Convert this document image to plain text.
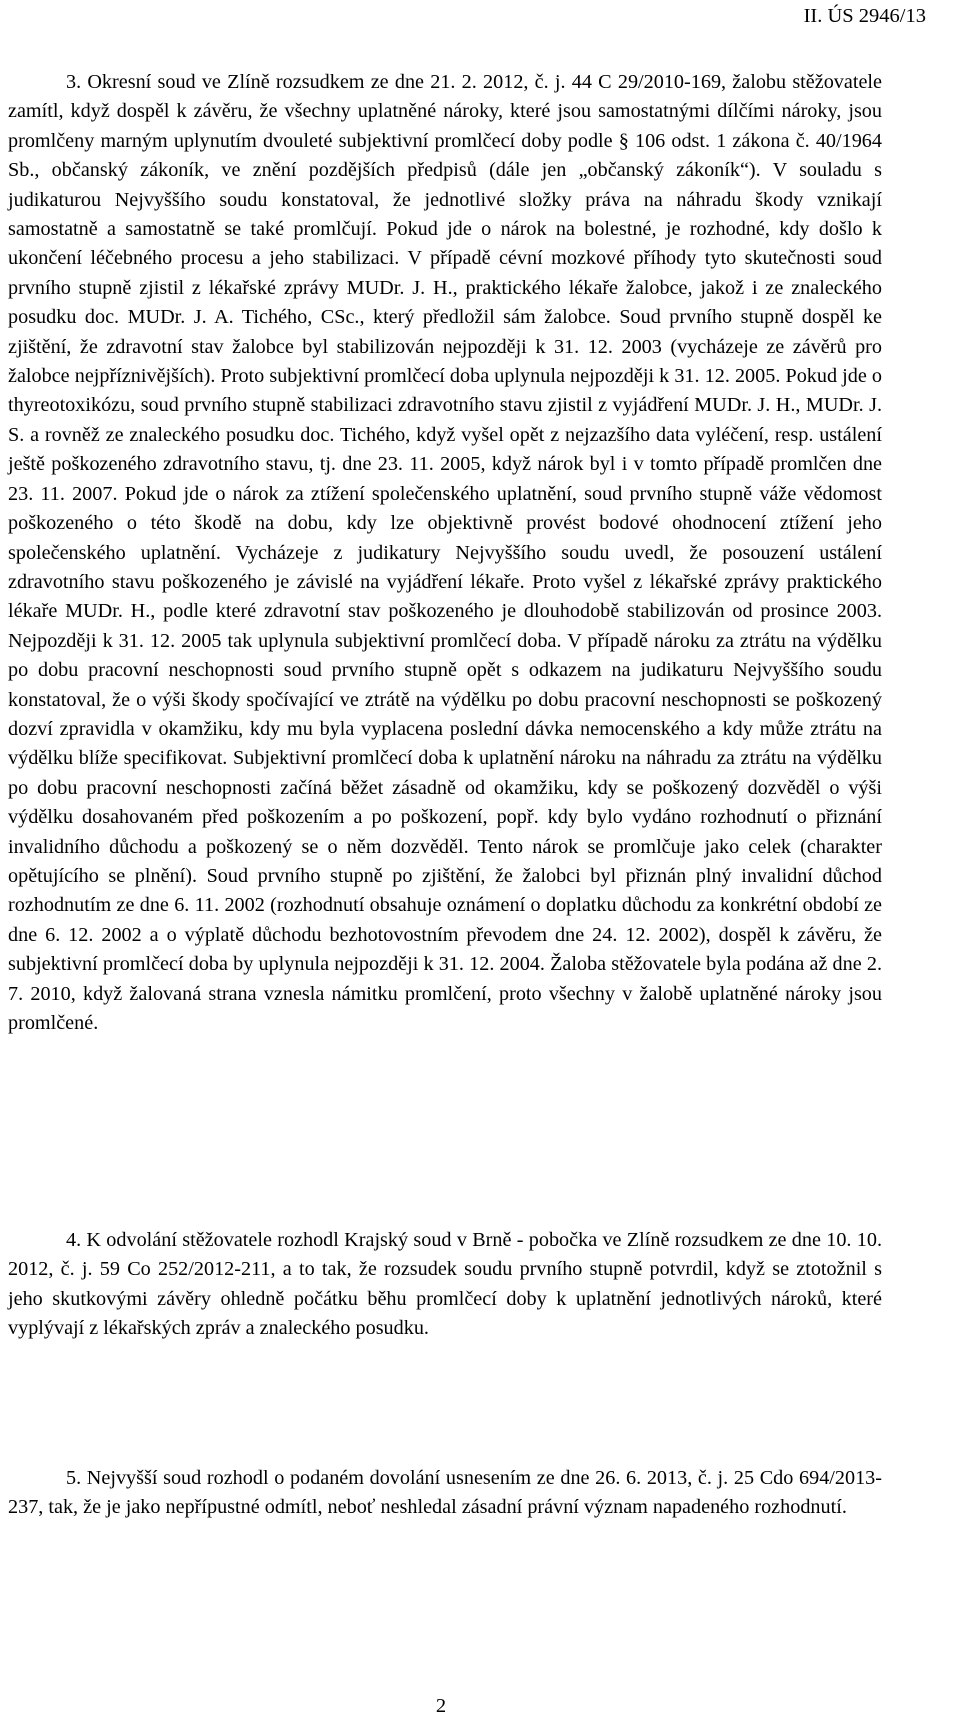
II. ÚS 2946/13

3. Okresní soud ve Zlíně rozsudkem ze dne 21. 2. 2012, č. j. 44 C 29/2010-169, žalobu stěžovatele zamítl, když dospěl k závěru, že všechny uplatněné nároky, které jsou samostatnými dílčími nároky, jsou promlčeny marným uplynutím dvouleté subjektivní promlčecí doby podle § 106 odst. 1 zákona č. 40/1964 Sb., občanský zákoník, ve znění pozdějších předpisů (dále jen „občanský zákoník“). V souladu s judikaturou Nejvyššího soudu konstatoval, že jednotlivé složky práva na náhradu škody vznikají samostatně a samostatně se také promlčují. Pokud jde o nárok na bolestné, je rozhodné, kdy došlo k ukončení léčebného procesu a jeho stabilizaci. V případě cévní mozkové příhody tyto skutečnosti soud prvního stupně zjistil z lékařské zprávy MUDr. J. H., praktického lékaře žalobce, jakož i ze znaleckého posudku doc. MUDr. J. A. Tichého, CSc., který předložil sám žalobce. Soud prvního stupně dospěl ke zjištění, že zdravotní stav žalobce byl stabilizován nejpozději k 31. 12. 2003 (vycházeje ze závěrů pro žalobce nejpříznivějších). Proto subjektivní promlčecí doba uplynula nejpozději k 31. 12. 2005. Pokud jde o thyreotoxikózu, soud prvního stupně stabilizaci zdravotního stavu zjistil z vyjádření MUDr. J. H., MUDr. J. S. a rovněž ze znaleckého posudku doc. Tichého, když vyšel opět z nejzazšího data vyléčení, resp. ustálení ještě poškozeného zdravotního stavu, tj. dne 23. 11. 2005, když nárok byl i v tomto případě promlčen dne 23. 11. 2007. Pokud jde o nárok za ztížení společenského uplatnění, soud prvního stupně váže vědomost poškozeného o této škodě na dobu, kdy lze objektivně provést bodové ohodnocení ztížení jeho společenského uplatnění. Vycházeje z judikatury Nejvyššího soudu uvedl, že posouzení ustálení zdravotního stavu poškozeného je závislé na vyjádření lékaře. Proto vyšel z lékařské zprávy praktického lékaře MUDr. H., podle které zdravotní stav poškozeného je dlouhodobě stabilizován od prosince 2003. Nejpozději k 31. 12. 2005 tak uplynula subjektivní promlčecí doba. V případě nároku za ztrátu na výdělku po dobu pracovní neschopnosti soud prvního stupně opět s odkazem na judikaturu Nejvyššího soudu konstatoval, že o výši škody spočívající ve ztrátě na výdělku po dobu pracovní neschopnosti se poškozený dozví zpravidla v okamžiku, kdy mu byla vyplacena poslední dávka nemocenského a kdy může ztrátu na výdělku blíže specifikovat. Subjektivní promlčecí doba k uplatnění nároku na náhradu za ztrátu na výdělku po dobu pracovní neschopnosti začíná běžet zásadně od okamžiku, kdy se poškozený dozvěděl o výši výdělku dosahovaném před poškozením a po poškození, popř. kdy bylo vydáno rozhodnutí o přiznání invalidního důchodu a poškozený se o něm dozvěděl. Tento nárok se promlčuje jako celek (charakter opětujícího se plnění). Soud prvního stupně po zjištění, že žalobci byl přiznán plný invalidní důchod rozhodnutím ze dne 6. 11. 2002 (rozhodnutí obsahuje oznámení o doplatku důchodu za konkrétní období ze dne 6. 12. 2002 a o výplatě důchodu bezhotovostním převodem dne 24. 12. 2002), dospěl k závěru, že subjektivní promlčecí doba by uplynula nejpozději k 31. 12. 2004. Žaloba stěžovatele byla podána až dne 2. 7. 2010, když žalovaná strana vznesla námitku promlčení, proto všechny v žalobě uplatněné nároky jsou promlčené.

4. K odvolání stěžovatele rozhodl Krajský soud v Brně - pobočka ve Zlíně rozsudkem ze dne 10. 10. 2012, č. j. 59 Co 252/2012-211, a to tak, že rozsudek soudu prvního stupně potvrdil, když se ztotožnil s jeho skutkovými závěry ohledně počátku běhu promlčecí doby k uplatnění jednotlivých nároků, které vyplývají z lékařských zpráv a znaleckého posudku.

5. Nejvyšší soud rozhodl o podaném dovolání usnesením ze dne 26. 6. 2013, č. j. 25 Cdo 694/2013-237, tak, že je jako nepřípustné odmítl, neboť neshledal zásadní právní význam napadeného rozhodnutí.

2
